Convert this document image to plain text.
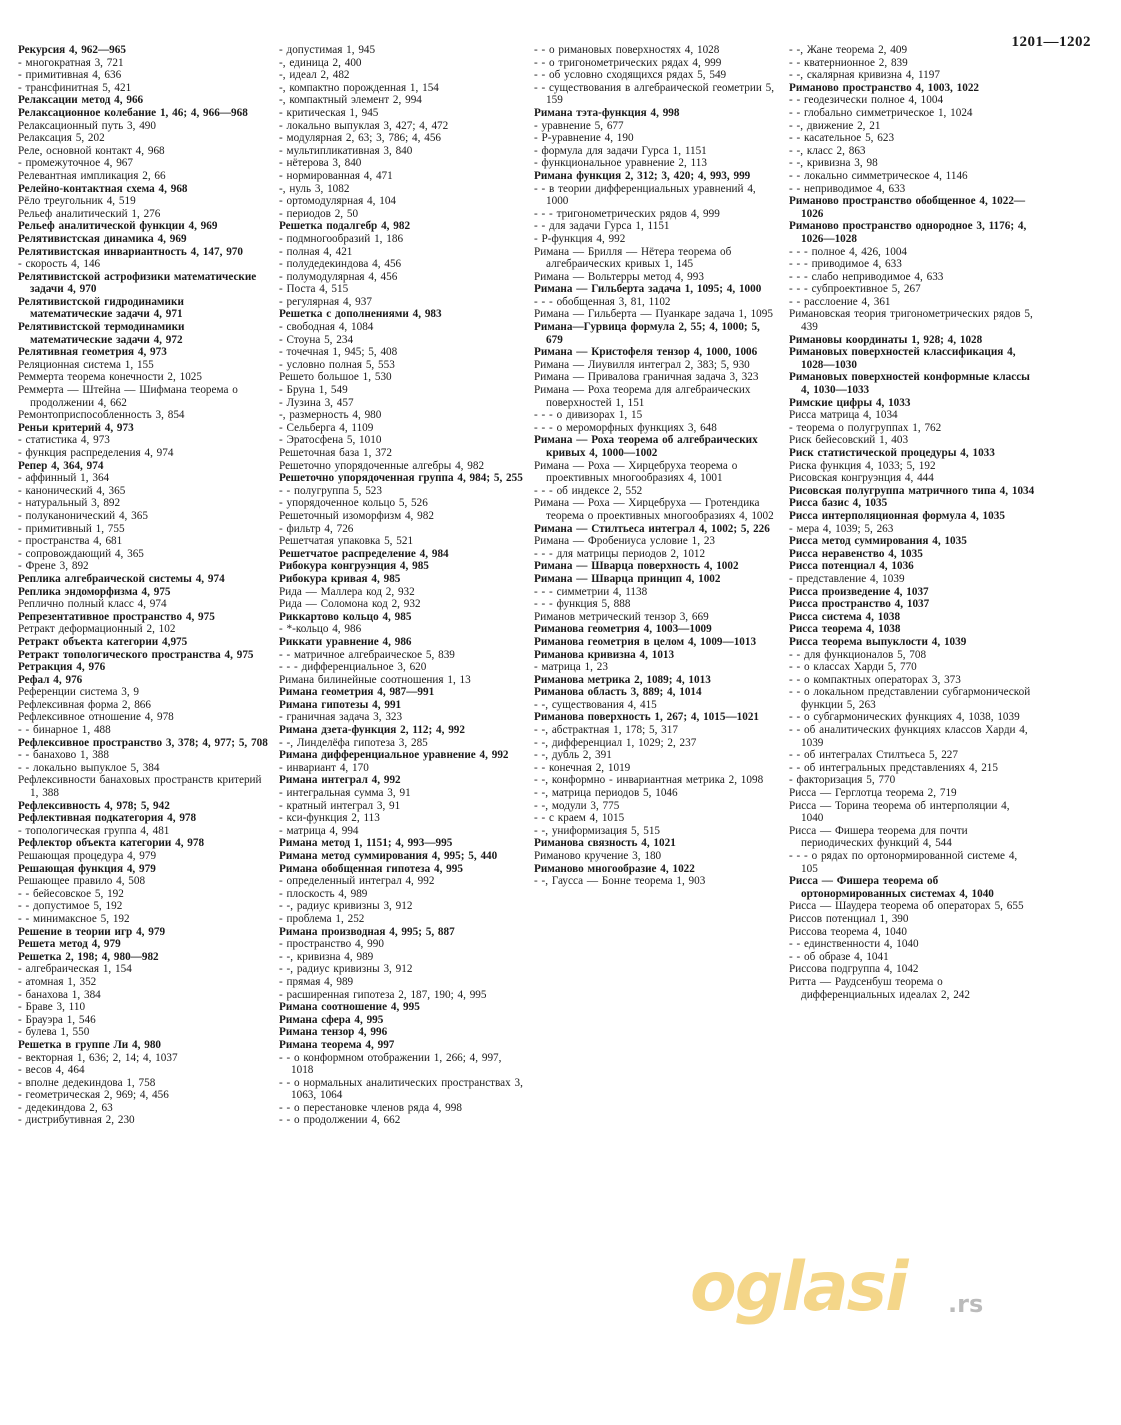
1201—1202

Рекурсия 4, 962—965

- многократная 3, 721

- примитивная 4, 636

- трансфинитная 5, 421

Релаксации метод 4, 966

Релаксационное колебание 1, 46; 4, 966—968

Релаксационный путь 3, 490

Релаксация 5, 202

Реле, основной контакт 4, 968

- промежуточное 4, 967

Релевантная импликация 2, 66

Релейно-контактная схема 4, 968

Рёло треугольник 4, 519

Рельеф аналитический 1, 276

Рельеф аналитической функции 4, 969

Релятивистская динамика 4, 969

Релятивистская инвариантность 4, 147, 970

- скорость 4, 146

Релятивистской астрофизики математические задачи 4, 970

Релятивистской гидродинамики математические задачи 4, 971

Релятивистской термодинамики математические задачи 4, 972

Релятивная геометрия 4, 973

Реляционная система 1, 155

Реммерта теорема конечности 2, 1025

Реммерта — Штейна — Шифмана теорема о продолжении 4, 662

Ремонтоприспособленность 3, 854

Реньи критерий 4, 973

- статистика 4, 973

- функция распределения 4, 974

Репер 4, 364, 974

- аффинный 1, 364

- канонический 4, 365

- натуральный 3, 892

- полуканонический 4, 365

- примитивный 1, 755

- пространства 4, 681

- сопровождающий 4, 365

- Френе 3, 892

Реплика алгебраической системы 4, 974

Реплика эндоморфизма 4, 975

Реплично полный класс 4, 974

Репрезентативное пространство 4, 975

Ретракт деформационный 2, 102

Ретракт объекта категории 4,975

Ретракт топологического пространства 4, 975

Ретракция 4, 976

Рефал 4, 976

Референции система 3, 9

Рефлексивная форма 2, 866

Рефлексивное отношение 4, 978

- - бинарное 1, 488

Рефлексивное пространство 3, 378; 4, 977; 5, 708

- - банахово 1, 388

- - локально выпуклое 5, 384

Рефлексивности банаховых пространств критерий 1, 388

Рефлексивность 4, 978; 5, 942

Рефлективная подкатегория 4, 978

- топологическая группа 4, 481

Рефлектор объекта категории 4, 978

Решающая процедура 4, 979

Решающая функция 4, 979

Решающее правило 4, 508

- - бейесовское 5, 192

- - допустимое 5, 192

- - минимаксное 5, 192

Решение в теории игр 4, 979

Решета метод 4, 979

Решетка 2, 198; 4, 980—982

- алгебраическая 1, 154

- атомная 1, 352

- банахова 1, 384

- Браве 3, 110

- Брауэра 1, 546

- булева 1, 550

Решетка в группе Ли 4, 980

- векторная 1, 636; 2, 14; 4, 1037

- весов 4, 464

- вполне дедекиндова 1, 758

- геометрическая 2, 969; 4, 456

- дедекиндова 2, 63

- дистрибутивная 2, 230

- допустимая 1, 945

-, единица 2, 400

-, идеал 2, 482

-, компактно порожденная 1, 154

-, компактный элемент 2, 994

- критическая 1, 945

- локально выпуклая 3, 427; 4, 472

- модулярная 2, 63; 3, 786; 4, 456

- мультипликативная 3, 840

- нётерова 3, 840

- нормированная 4, 471

-, нуль 3, 1082

- ортомодулярная 4, 104

- периодов 2, 50

Решетка подалгебр 4, 982

- подмногообразий 1, 186

- полная 4, 421

- полудедекиндова 4, 456

- полумодулярная 4, 456

- Поста 4, 515

- регулярная 4, 937

Решетка с дополнениями 4, 983

- свободная 4, 1084

- Стоуна 5, 234

- точечная 1, 945; 5, 408

- условно полная 5, 553

Решето большое 1, 530

- Бруна 1, 549

- Лузина 3, 457

-, размерность 4, 980

- Сельберга 4, 1109

- Эратосфена 5, 1010

Решеточная база 1, 372

Решеточно упорядоченные алгебры 4, 982

Решеточно упорядоченная группа 4, 984; 5, 255

- - полугруппа 5, 523

- упорядоченное кольцо 5, 526

Решеточный изоморфизм 4, 982

- фильтр 4, 726

Решетчатая упаковка 5, 521

Решетчатое распределение 4, 984

Рибокура конгруэнция 4, 985

Рибокура кривая 4, 985

Рида — Маллера код 2, 932

Рида — Соломона код 2, 932

Риккартово кольцо 4, 985

- *-кольцо 4, 986

Риккати уравнение 4, 986

- - матричное алгебраическое 5, 839

- - - дифференциальное 3, 620

Римана билинейные соотношения 1, 13

Римана геометрия 4, 987—991

Римана гипотезы 4, 991

- граничная задача 3, 323

Римана дзета-функция 2, 112; 4, 992

- -, Линделёфа гипотеза 3, 285

Римана дифференциальное уравнение 4, 992

- инвариант 4, 170

Римана интеграл 4, 992

- интегральная сумма 3, 91

- кратный интеграл 3, 91

- кси-функция 2, 113

- матрица 4, 994

Римана метод 1, 1151; 4, 993—995

Римана метод суммирования 4, 995; 5, 440

Римана обобщенная гипотеза 4, 995

- определенный интеграл 4, 992

- плоскость 4, 989

- -, радиус кривизны 3, 912

- проблема 1, 252

Римана производная 4, 995; 5, 887

- пространство 4, 990

- -, кривизна 4, 989

- -, радиус кривизны 3, 912

- прямая 4, 989

- расширенная гипотеза 2, 187, 190; 4, 995

Римана соотношение 4, 995

Римана сфера 4, 995

Римана тензор 4, 996

Римана теорема 4, 997

- - о конформном отображении 1, 266; 4, 997, 1018

- - о нормальных аналитических пространствах 3, 1063, 1064

- - о перестановке членов ряда 4, 998

- - о продолжении 4, 662

- - о римановых поверхностях 4, 1028

- - о тригонометрических рядах 4, 999

- - об условно сходящихся рядах 5, 549

- - существования в алгебраической геометрии 5, 159

Римана тэта-функция 4, 998

- уравнение 5, 677

- P-уравнение 4, 190

- формула для задачи Гурса 1, 1151

- функциональное уравнение 2, 113

Римана функция 2, 312; 3, 420; 4, 993, 999

- - в теории дифференциальных уравнений 4, 1000

- - - тригонометрических рядов 4, 999

- - для задачи Гурса 1, 1151

- P-функция 4, 992

Римана — Брилля — Нётера теорема об алгебраических кривых 1, 145

Римана — Вольтерры метод 4, 993

Римана — Гильберта задача 1, 1095; 4, 1000

- - - обобщенная 3, 81, 1102

Римана — Гильберта — Пуанкаре задача 1, 1095

Римана—Гурвица формула 2, 55; 4, 1000; 5, 679

Римана — Кристофеля тензор 4, 1000, 1006

Римана — Лиувилля интеграл 2, 383; 5, 930

Римана — Привалова граничная задача 3, 323

Римана — Роха теорема для алгебраических поверхностей 1, 151

- - - о дивизорах 1, 15

- - - о мероморфных функциях 3, 648

Римана — Роха теорема об алгебраических кривых 4, 1000—1002

Римана — Роха — Хирцебруха теорема о проективных многообразиях 4, 1001

- - - об индексе 2, 552

Римана — Роха — Хирцебруха — Гротендика теорема о проективных многообразиях 4, 1002

Римана — Стилтьеса интеграл 4, 1002; 5, 226

Римана — Фробениуса условие 1, 23

- - - для матрицы периодов 2, 1012

Римана — Шварца поверхность 4, 1002

Римана — Шварца принцип 4, 1002

- - - симметрии 4, 1138

- - - функция 5, 888

Риманов метрический тензор 3, 669

Риманова геометрия 4, 1003—1009

Риманова геометрия в целом 4, 1009—1013

Риманова кривизна 4, 1013

- матрица 1, 23

Риманова метрика 2, 1089; 4, 1013

Риманова область 3, 889; 4, 1014

- -, существования 4, 415

Риманова поверхность 1, 267; 4, 1015—1021

- -, абстрактная 1, 178; 5, 317

- -, дифференциал 1, 1029; 2, 237

- -, дубль 2, 391

- - конечная 2, 1019

- -, конформно - инвариантная метрика 2, 1098

- -, матрица периодов 5, 1046

- -, модули 3, 775

- - с краем 4, 1015

- -, униформизация 5, 515

Риманова связность 4, 1021

Риманово кручение 3, 180

Риманово многообразие 4, 1022

- -, Гаусса — Бонне теорема 1, 903

- -, Жане теорема 2, 409

- - кватернионное 2, 839

- -, скалярная кривизна 4, 1197

Риманово пространство 4, 1003, 1022

- - геодезически полное 4, 1004

- - глобально симметрическое 1, 1024

- -, движение 2, 21

- - касательное 5, 623

- -, класс 2, 863

- -, кривизна 3, 98

- - локально симметрическое 4, 1146

- - неприводимое 4, 633

Риманово пространство обобщенное 4, 1022—1026

Риманово пространство однородное 3, 1176; 4, 1026—1028

- - - полное 4, 426, 1004

- - - приводимое 4, 633

- - - слабо неприводимое 4, 633

- - - субпроективное 5, 267

- - расслоение 4, 361

Римановская теория тригонометрических рядов 5, 439

Римановы координаты 1, 928; 4, 1028

Римановых поверхностей классификация 4, 1028—1030

Римановых поверхностей конформные классы 4, 1030—1033

Римские цифры 4, 1033

Рисса матрица 4, 1034

- теорема о полугруппах 1, 762

Риск бейесовский 1, 403

Риск статистической процедуры 4, 1033

Риска функция 4, 1033; 5, 192

Рисовская конгруэнция 4, 444

Рисовская полугруппа матричного типа 4, 1034

Рисса базис 4, 1035

Рисса интерполяционная формула 4, 1035

- мера 4, 1039; 5, 263

Рисса метод суммирования 4, 1035

Рисса неравенство 4, 1035

Рисса потенциал 4, 1036

- представление 4, 1039

Рисса произведение 4, 1037

Рисса пространство 4, 1037

Рисса система 4, 1038

Рисса теорема 4, 1038

Рисса теорема выпуклости 4, 1039

- - для функционалов 5, 708

- - о классах Харди 5, 770

- - о компактных операторах 3, 373

- - о локальном представлении субгармонической функции 5, 263

- - о субгармонических функциях 4, 1038, 1039

- - об аналитических функциях классов Харди 4, 1039

- - об интегралах Стилтьеса 5, 227

- - об интегральных представлениях 4, 215

- факторизация 5, 770

Рисса — Герглотца теорема 2, 719

Рисса — Торина теорема об интерполяции 4, 1040

Рисса — Фишера теорема для почти периодических функций 4, 544

- - - о рядах по ортонормированной системе 4, 105

Рисса — Фишера теорема об ортонормированных системах 4, 1040

Рисса — Шаудера теорема об операторах 5, 655

Риссов потенциал 1, 390

Риссова теорема 4, 1040

- - единственности 4, 1040

- - об образе 4, 1041

Риссова подгруппа 4, 1042

Ритта — Раудсенбуш теорема о дифференциальных идеалах 2, 242

oglasi .rs
